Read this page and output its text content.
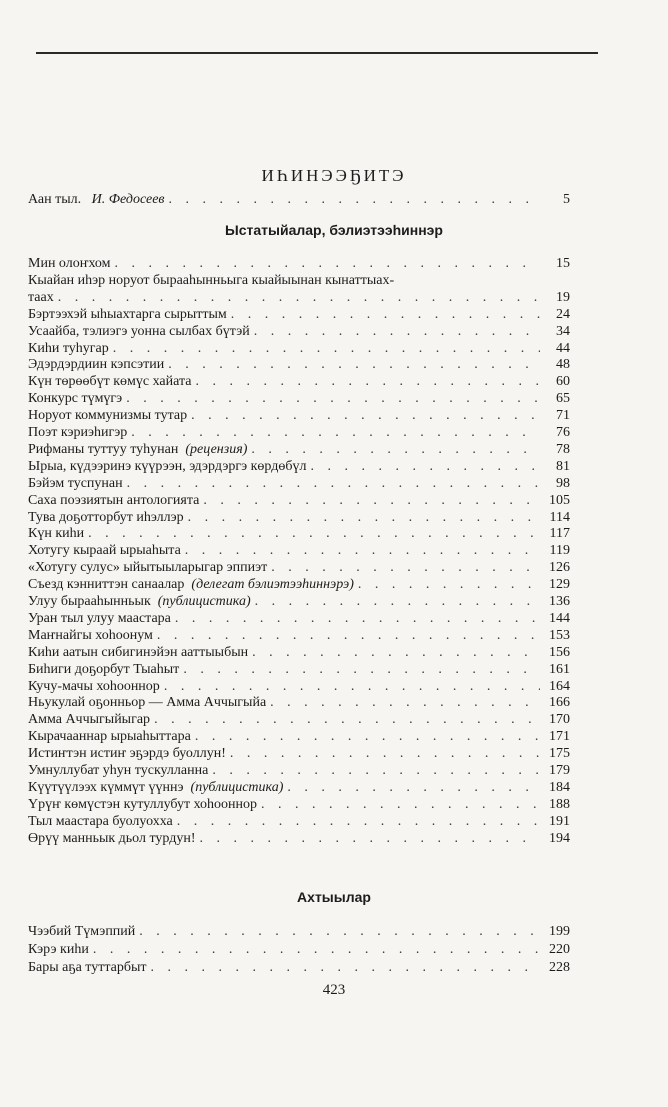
ИҺИНЭЭҔИТЭ
Аан тыл. И. Федосеев . . .	5
Ыстатыйалар, бэлиэтээһиннэр
Мин олоҥхом . . .	15
Кыайан иһэр норуот бырааһынньыга кыайыынан кынаттыах-
таах . . .	19
Бэртээхэй ыһыахтарга сырыттым . . .	24
Усаайба, тэлиэгэ уонна сылбах бүтэй . . .	34
Киһи туһугар . . .	44
Эдэрдэрдиин кэпсэтии . . .	48
Күн төрөөбүт көмүс хайата . . .	60
Конкурс түмүгэ . . .	65
Норуот коммунизмы тутар . . .	71
Поэт кэриэһигэр . . .	76
Рифманы туттуу туһунан (рецензия) . . .	78
Ырыа, күдээринэ күүрээн, эдэрдэргэ көрдөбүл . . .	81
Бэйэм туспунан . . .	98
Саха поэзиятын антологията . . .	105
Тува доҕотторбут иһэллэр . . .	114
Күн киһи . . .	117
Хотугу кыраай ырыаһыта . . .	119
«Хотугу сулус» ыйытыыларыгар эппиэт . . .	126
Съезд кэнниттэн санаалар (делегат бэлиэтээһиннэрэ) . . .	129
Улуу бырааһынньык (публицистика) . . .	136
Уран тыл улуу маастара . . .	144
Маҥнайгы хоһоонум . . .	153
Киһи аатын сибигинэйэн ааттыыбын . . .	156
Биһиги доҕорбут Тыаһыт . . .	161
Кучу-мачы хоһооннор . . .	164
Ньукулай оҕонньор — Амма Аччыгыйа . . .	166
Амма Аччыгыйыгар . . .	170
Кырачааннар ырыаһыттара . . .	171
Истиҥтэн истиҥ эҕэрдэ буоллун! . . .	175
Умнуллубат уһун тускулланна . . .	179
Күүтүүлээх күммүт үүннэ (публицистика) . . .	184
Үрүҥ көмүстэн кутуллубут хоһооннор . . .	188
Тыл маастара буолуохха . . .	191
Өрүү манньык дьол турдун! . . .	194
Ахтыылар
Чээбий Түмэппий . . .	199
Кэрэ киһи . . .	220
Бары аҕа туттарбыт . . .	228
423
